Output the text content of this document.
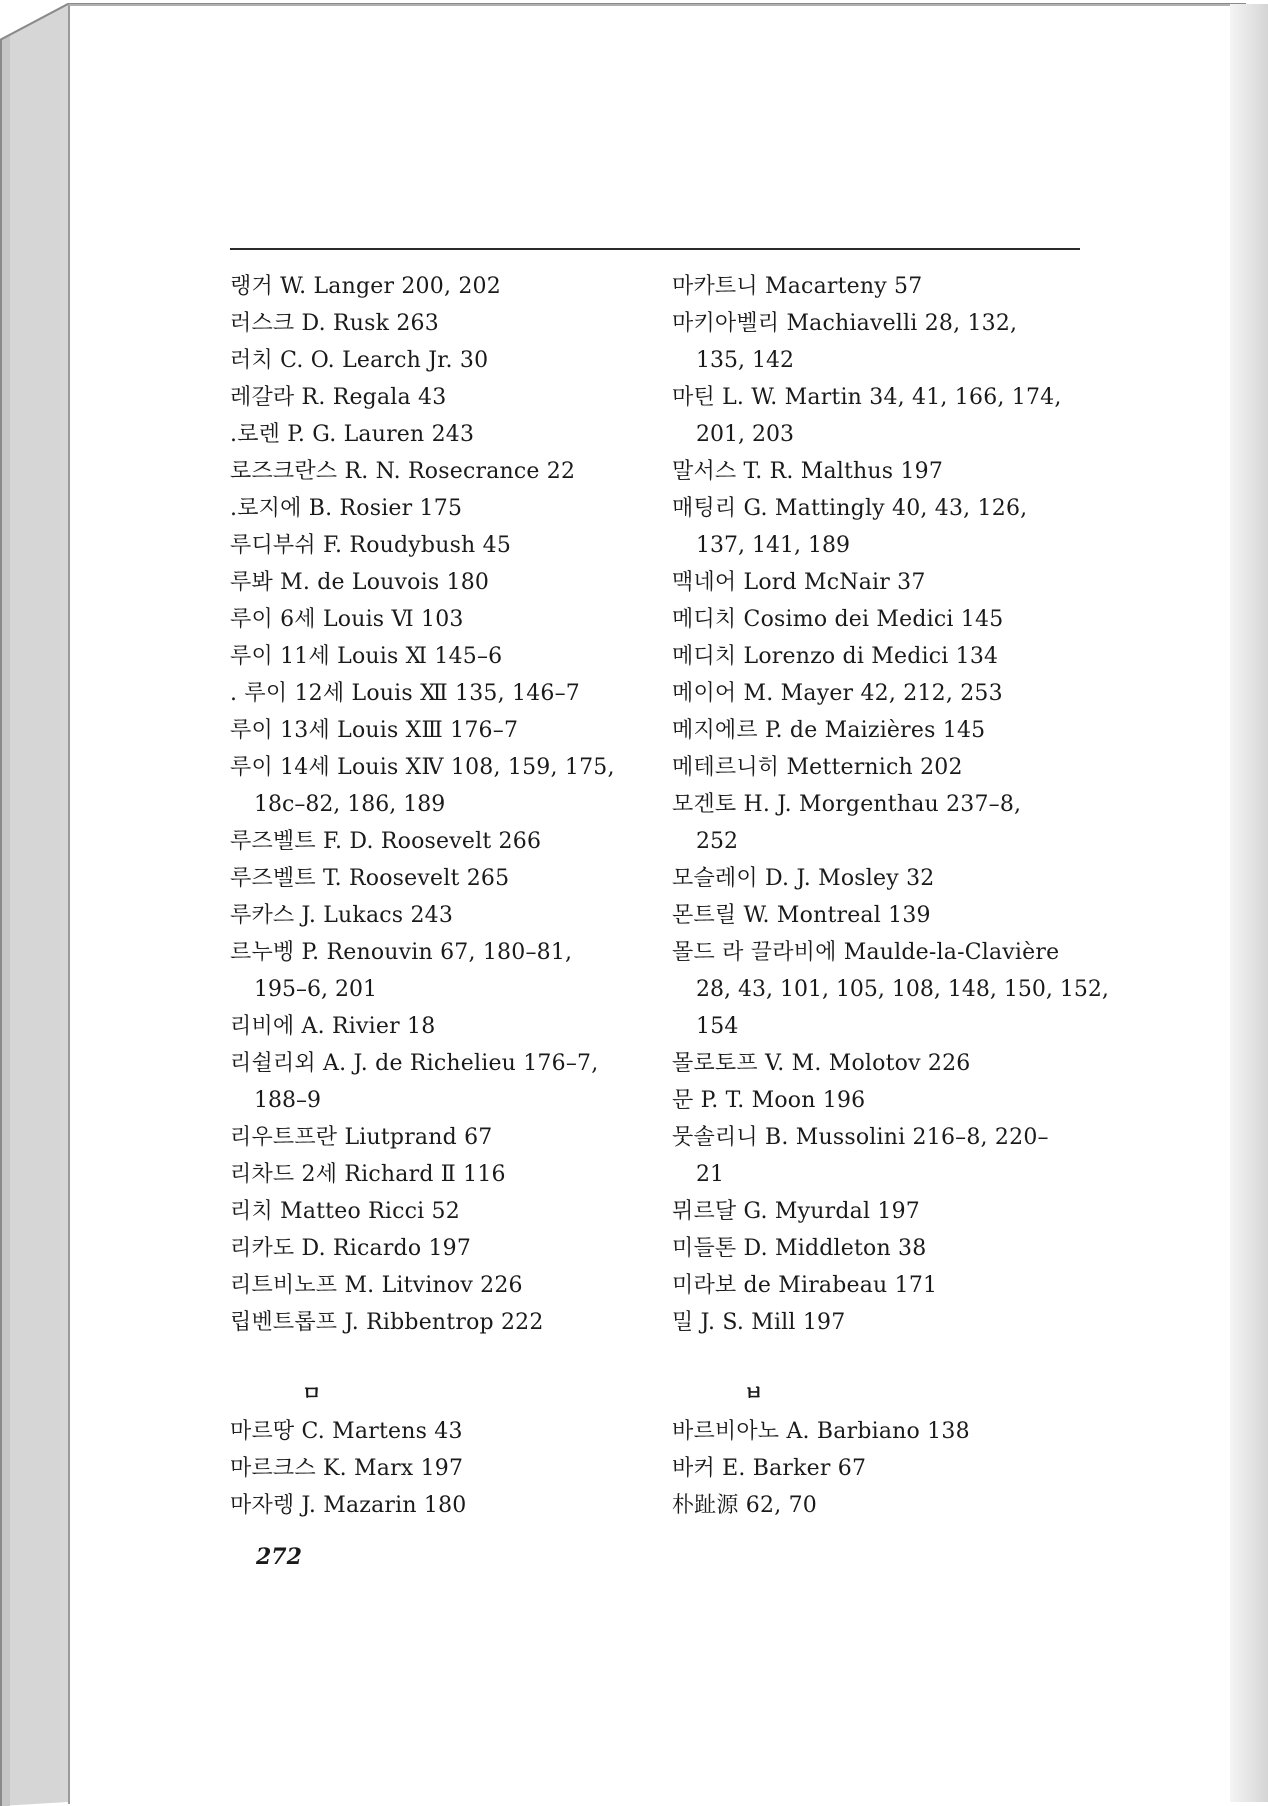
랭거 W. Langer 200, 202
러스크 D. Rusk 263
러치 C. O. Learch Jr. 30
레갈라 R. Regala 43
.로렌 P. G. Lauren 243
로즈크란스 R. N. Rosecrance 22
.로지에 B. Rosier 175
루디부쉬 F. Roudybush 45
루봐 M. de Louvois 180
루이 6세 Louis Ⅵ 103
루이 11세 Louis Ⅺ 145–6
. 루이 12세 Louis Ⅻ 135, 146–7
루이 13세 Louis XⅢ 176–7
루이 14세 Louis XⅣ 108, 159, 175,
18c–82, 186, 189
루즈벨트 F. D. Roosevelt 266
루즈벨트 T. Roosevelt 265
루카스 J. Lukacs 243
르누벵 P. Renouvin 67, 180–81,
195–6, 201
리비에 A. Rivier 18
리쉴리외 A. J. de Richelieu 176–7,
188–9
리우트프란 Liutprand 67
리차드 2세 Richard Ⅱ 116
리치 Matteo Ricci 52
리카도 D. Ricardo 197
리트비노프 M. Litvinov 226
립벤트롭프 J. Ribbentrop 222
ㅁ
마르땅 C. Martens 43
마르크스 K. Marx 197
마자렝 J. Mazarin 180
마카트니 Macarteny 57
마키아벨리 Machiavelli 28, 132,
135, 142
마틴 L. W. Martin 34, 41, 166, 174,
201, 203
말서스 T. R. Malthus 197
매팅리 G. Mattingly 40, 43, 126,
137, 141, 189
맥네어 Lord McNair 37
메디치 Cosimo dei Medici 145
메디치 Lorenzo di Medici 134
메이어 M. Mayer 42, 212, 253
메지에르 P. de Maizières 145
메테르니히 Metternich 202
모겐토 H. J. Morgenthau 237–8,
252
모슬레이 D. J. Mosley 32
몬트릴 W. Montreal 139
몰드 라 끌라비에 Maulde-la-Clavière
28, 43, 101, 105, 108, 148, 150, 152,
154
몰로토프 V. M. Molotov 226
문 P. T. Moon 196
뭇솔리니 B. Mussolini 216–8, 220–
21
뮈르달 G. Myurdal 197
미들톤 D. Middleton 38
미라보 de Mirabeau 171
밀 J. S. Mill 197
ㅂ
바르비아노 A. Barbiano 138
바커 E. Barker 67
朴趾源 62, 70
272
